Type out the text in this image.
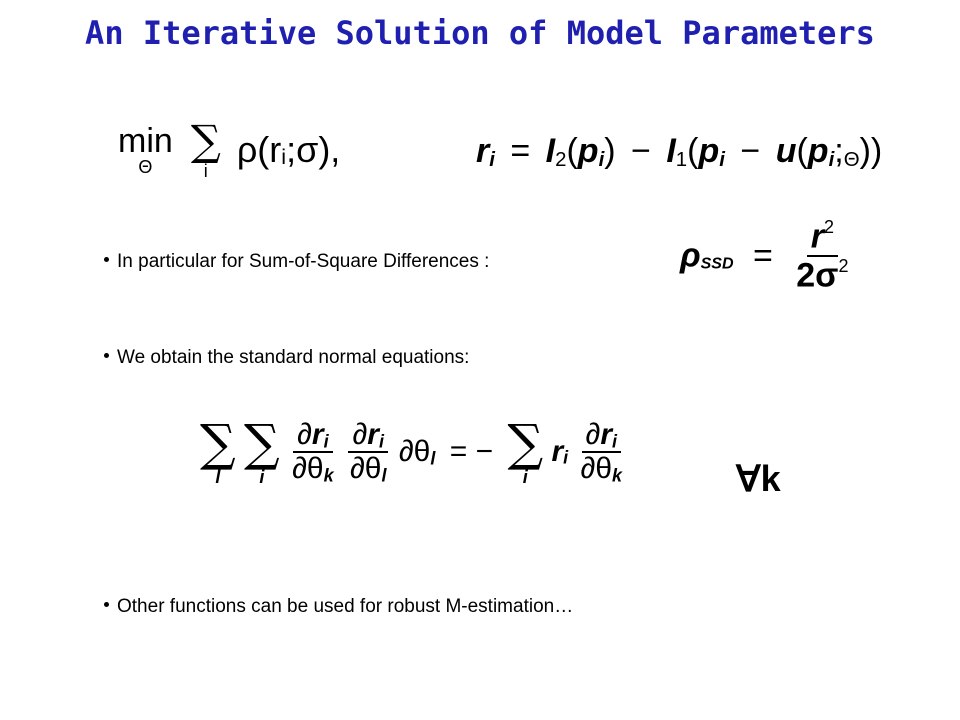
An Iterative Solution of Model Parameters
min
Θ

∑
i
$\rho(r_i;\sigma)$,	$r_i = I_2(p_i) - I_1(p_i$ − $u(p_i;_\Theta)$)
In particular for Sum-of-Square Differences :	$\rho_{SSD} = \frac{r^2}{2\sigma^2}$
We obtain the standard normal equations:
∑
l

∑
i
$\frac{\partial r_i}{\partial\theta_k}$
$\frac{\partial r_i}{\partial\theta_l} \partial\theta_l$ = − ∑
i
$r_i \frac{\partial r_i}{\partial\theta_k}$	∀k
Other functions can be used for robust M-estimation…
